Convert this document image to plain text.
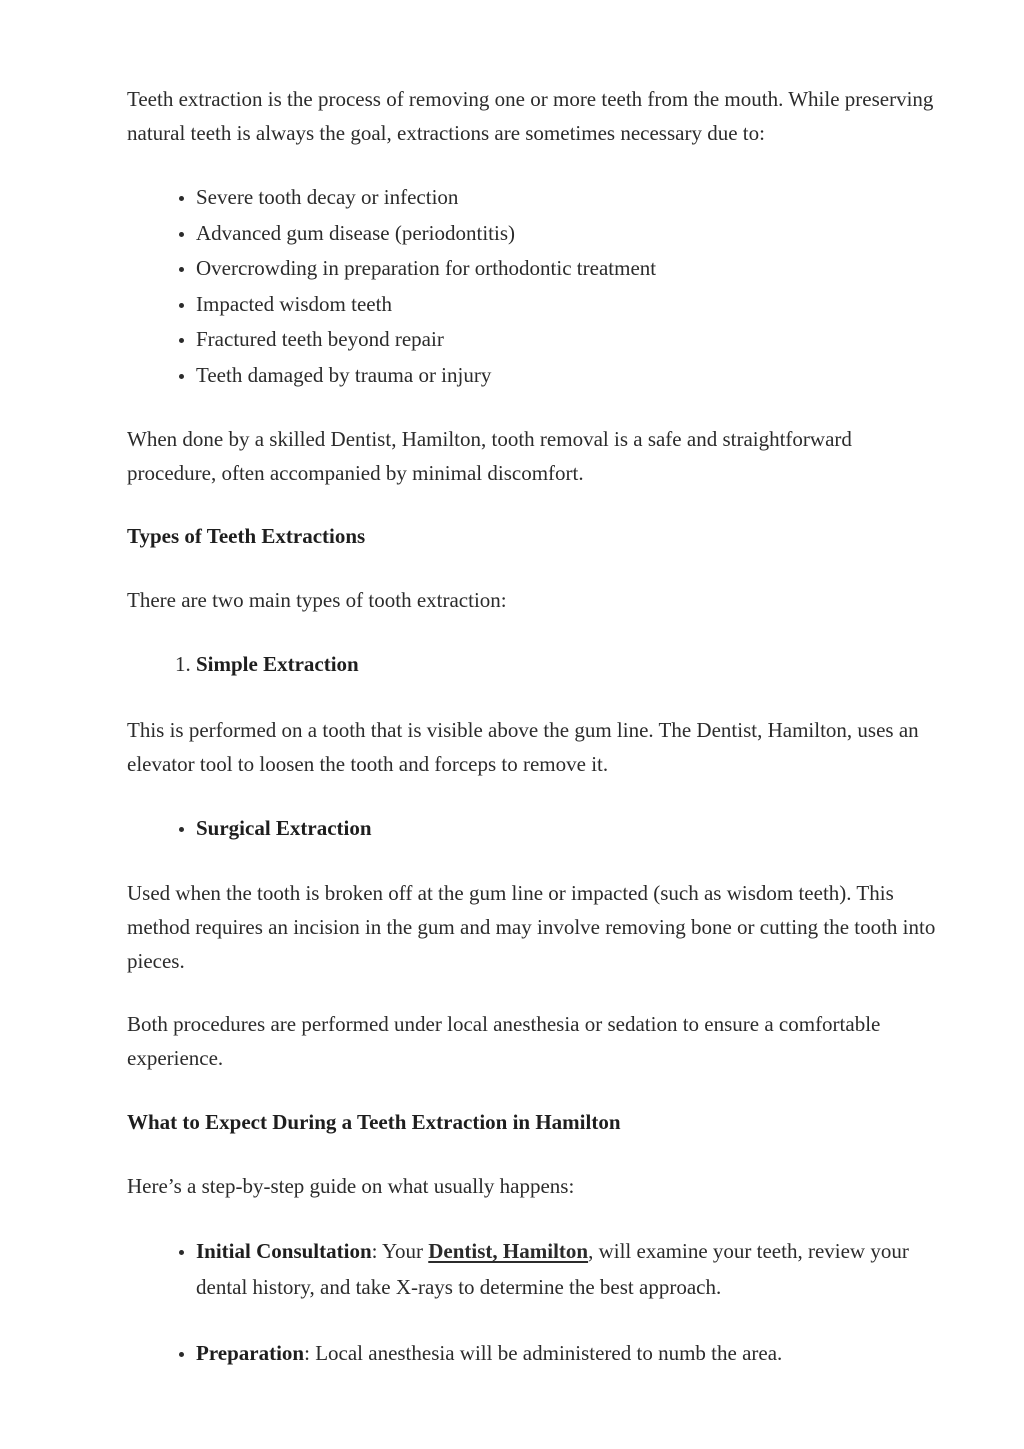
Teeth extraction is the process of removing one or more teeth from the mouth. While preserving natural teeth is always the goal, extractions are sometimes necessary due to:

• Severe tooth decay or infection
• Advanced gum disease (periodontitis)
• Overcrowding in preparation for orthodontic treatment
• Impacted wisdom teeth
• Fractured teeth beyond repair
• Teeth damaged by trauma or injury

When done by a skilled Dentist, Hamilton, tooth removal is a safe and straightforward procedure, often accompanied by minimal discomfort.

Types of Teeth Extractions

There are two main types of tooth extraction:

1. Simple Extraction

This is performed on a tooth that is visible above the gum line. The Dentist, Hamilton, uses an elevator tool to loosen the tooth and forceps to remove it.

• Surgical Extraction

Used when the tooth is broken off at the gum line or impacted (such as wisdom teeth). This method requires an incision in the gum and may involve removing bone or cutting the tooth into pieces.

Both procedures are performed under local anesthesia or sedation to ensure a comfortable experience.

What to Expect During a Teeth Extraction in Hamilton

Here’s a step-by-step guide on what usually happens:

• Initial Consultation: Your Dentist, Hamilton, will examine your teeth, review your dental history, and take X-rays to determine the best approach.
• Preparation: Local anesthesia will be administered to numb the area.
